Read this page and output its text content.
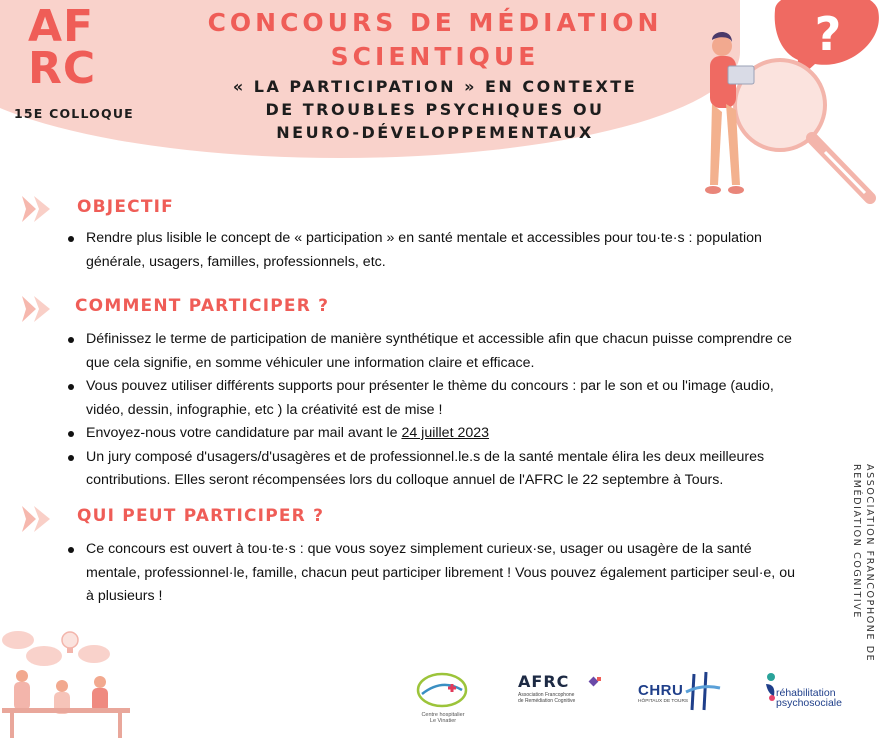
AF
RC
15E COLLOQUE
CONCOURS DE MÉDIATION
SCIENTIQUE
« LA PARTICIPATION » EN CONTEXTE
DE TROUBLES PSYCHIQUES OU
NEURO-DÉVELOPPEMENTAUX
?
OBJECTIF
Rendre plus lisible le concept de « participation » en santé mentale et accessibles pour tou·te·s : population
générale, usagers, familles, professionnels, etc.
COMMENT PARTICIPER ?
Définissez le terme de participation de manière synthétique et accessible afin que chacun puisse comprendre ce
que cela signifie, en somme véhiculer une information claire et efficace.
Vous pouvez utiliser différents supports pour présenter le thème du concours : par le son et ou l'image (audio,
vidéo, dessin, infographie, etc ) la créativité est de mise !
Envoyez-nous votre candidature par mail avant le 24 juillet 2023
Un jury composé d'usagers/d'usagères et de professionnel.le.s de la santé mentale élira les deux meilleures
contributions. Elles seront récompensées lors du colloque annuel de l'AFRC le 22 septembre à Tours.
QUI PEUT PARTICIPER ?
Ce concours est ouvert à tou·te·s : que vous soyez simplement curieux·se, usager ou usagère de la santé
mentale, professionnel·le, famille, chacun peut participer librement ! Vous pouvez également participer seul·e, ou
à plusieurs !	ASSOCIATION FRANCOPHONE DE
REMÉDIATION COGNITIVE
Centre hospitalier
Le Vinatier
AFRC
Association Francophone
de Remédiation Cognitive
CHRU
HÔPITAUX DE TOURS
réhabilitation
psychosociale
